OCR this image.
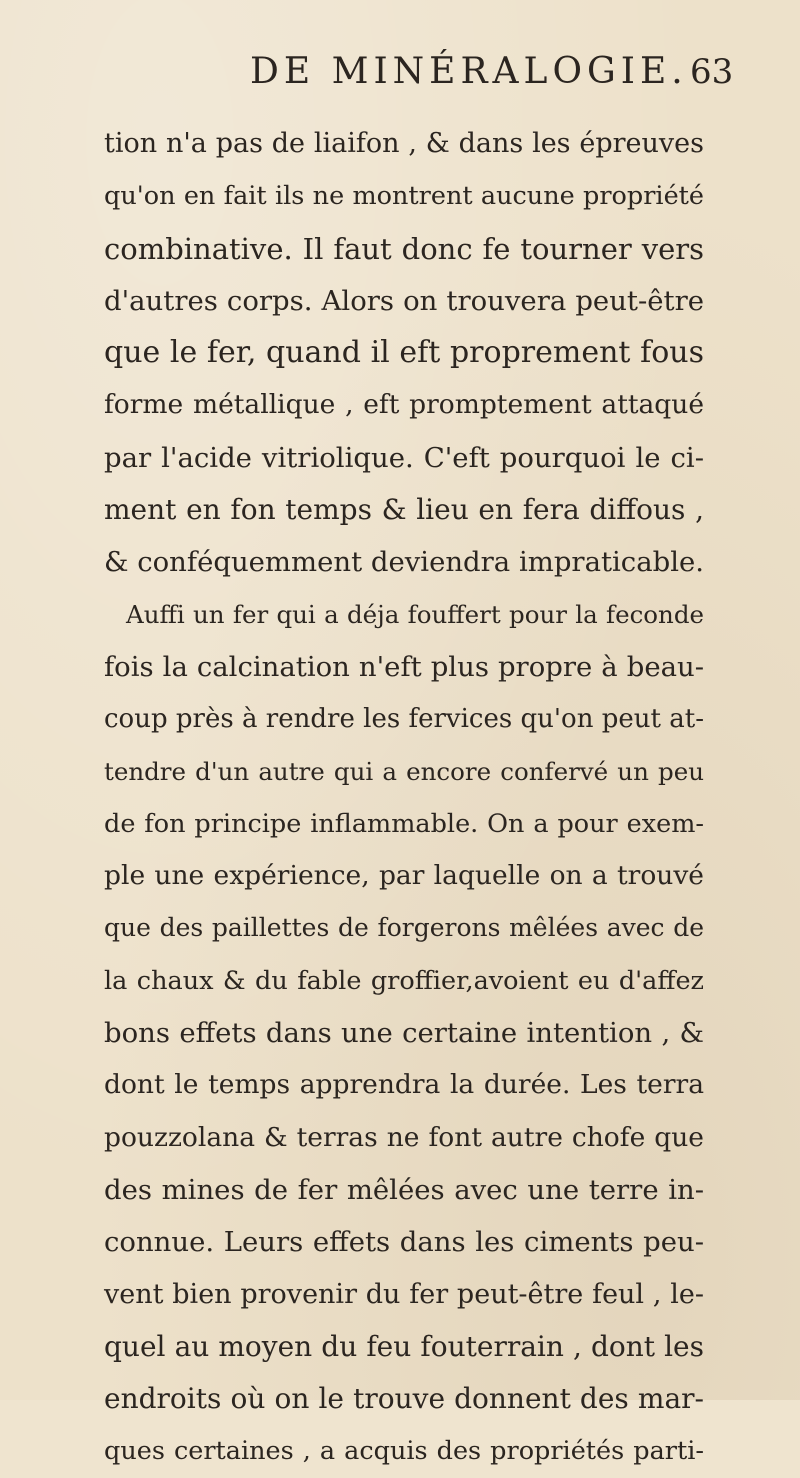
DE MINÉRALOGIE. 63
tion n'a pas de liaifon , & dans les épreuves
qu'on en fait ils ne montrent aucune propriété
combinative. Il faut donc fe tourner vers
d'autres corps. Alors on trouvera peut-être
que le fer, quand il eft proprement fous
forme métallique , eft promptement attaqué
par l'acide vitriolique. C'eft pourquoi le ci-
ment en fon temps & lieu en fera diffous ,
& conféquemment deviendra impraticable.
Auffi un fer qui a déja fouffert pour la feconde
fois la calcination n'eft plus propre à beau-
coup près à rendre les fervices qu'on peut at-
tendre d'un autre qui a encore confervé un peu
de fon principe inflammable. On a pour exem-
ple une expérience, par laquelle on a trouvé
que des paillettes de forgerons mêlées avec de
la chaux & du fable groffier,avoient eu d'affez
bons effets dans une certaine intention , &
dont le temps apprendra la durée. Les terra
pouzzolana & terras ne font autre chofe que
des mines de fer mêlées avec une terre in-
connue. Leurs effets dans les ciments peu-
vent bien provenir du fer peut-être feul , le-
quel au moyen du feu fouterrain , dont les
endroits où on le trouve donnent des mar-
ques certaines , a acquis des propriétés parti-
